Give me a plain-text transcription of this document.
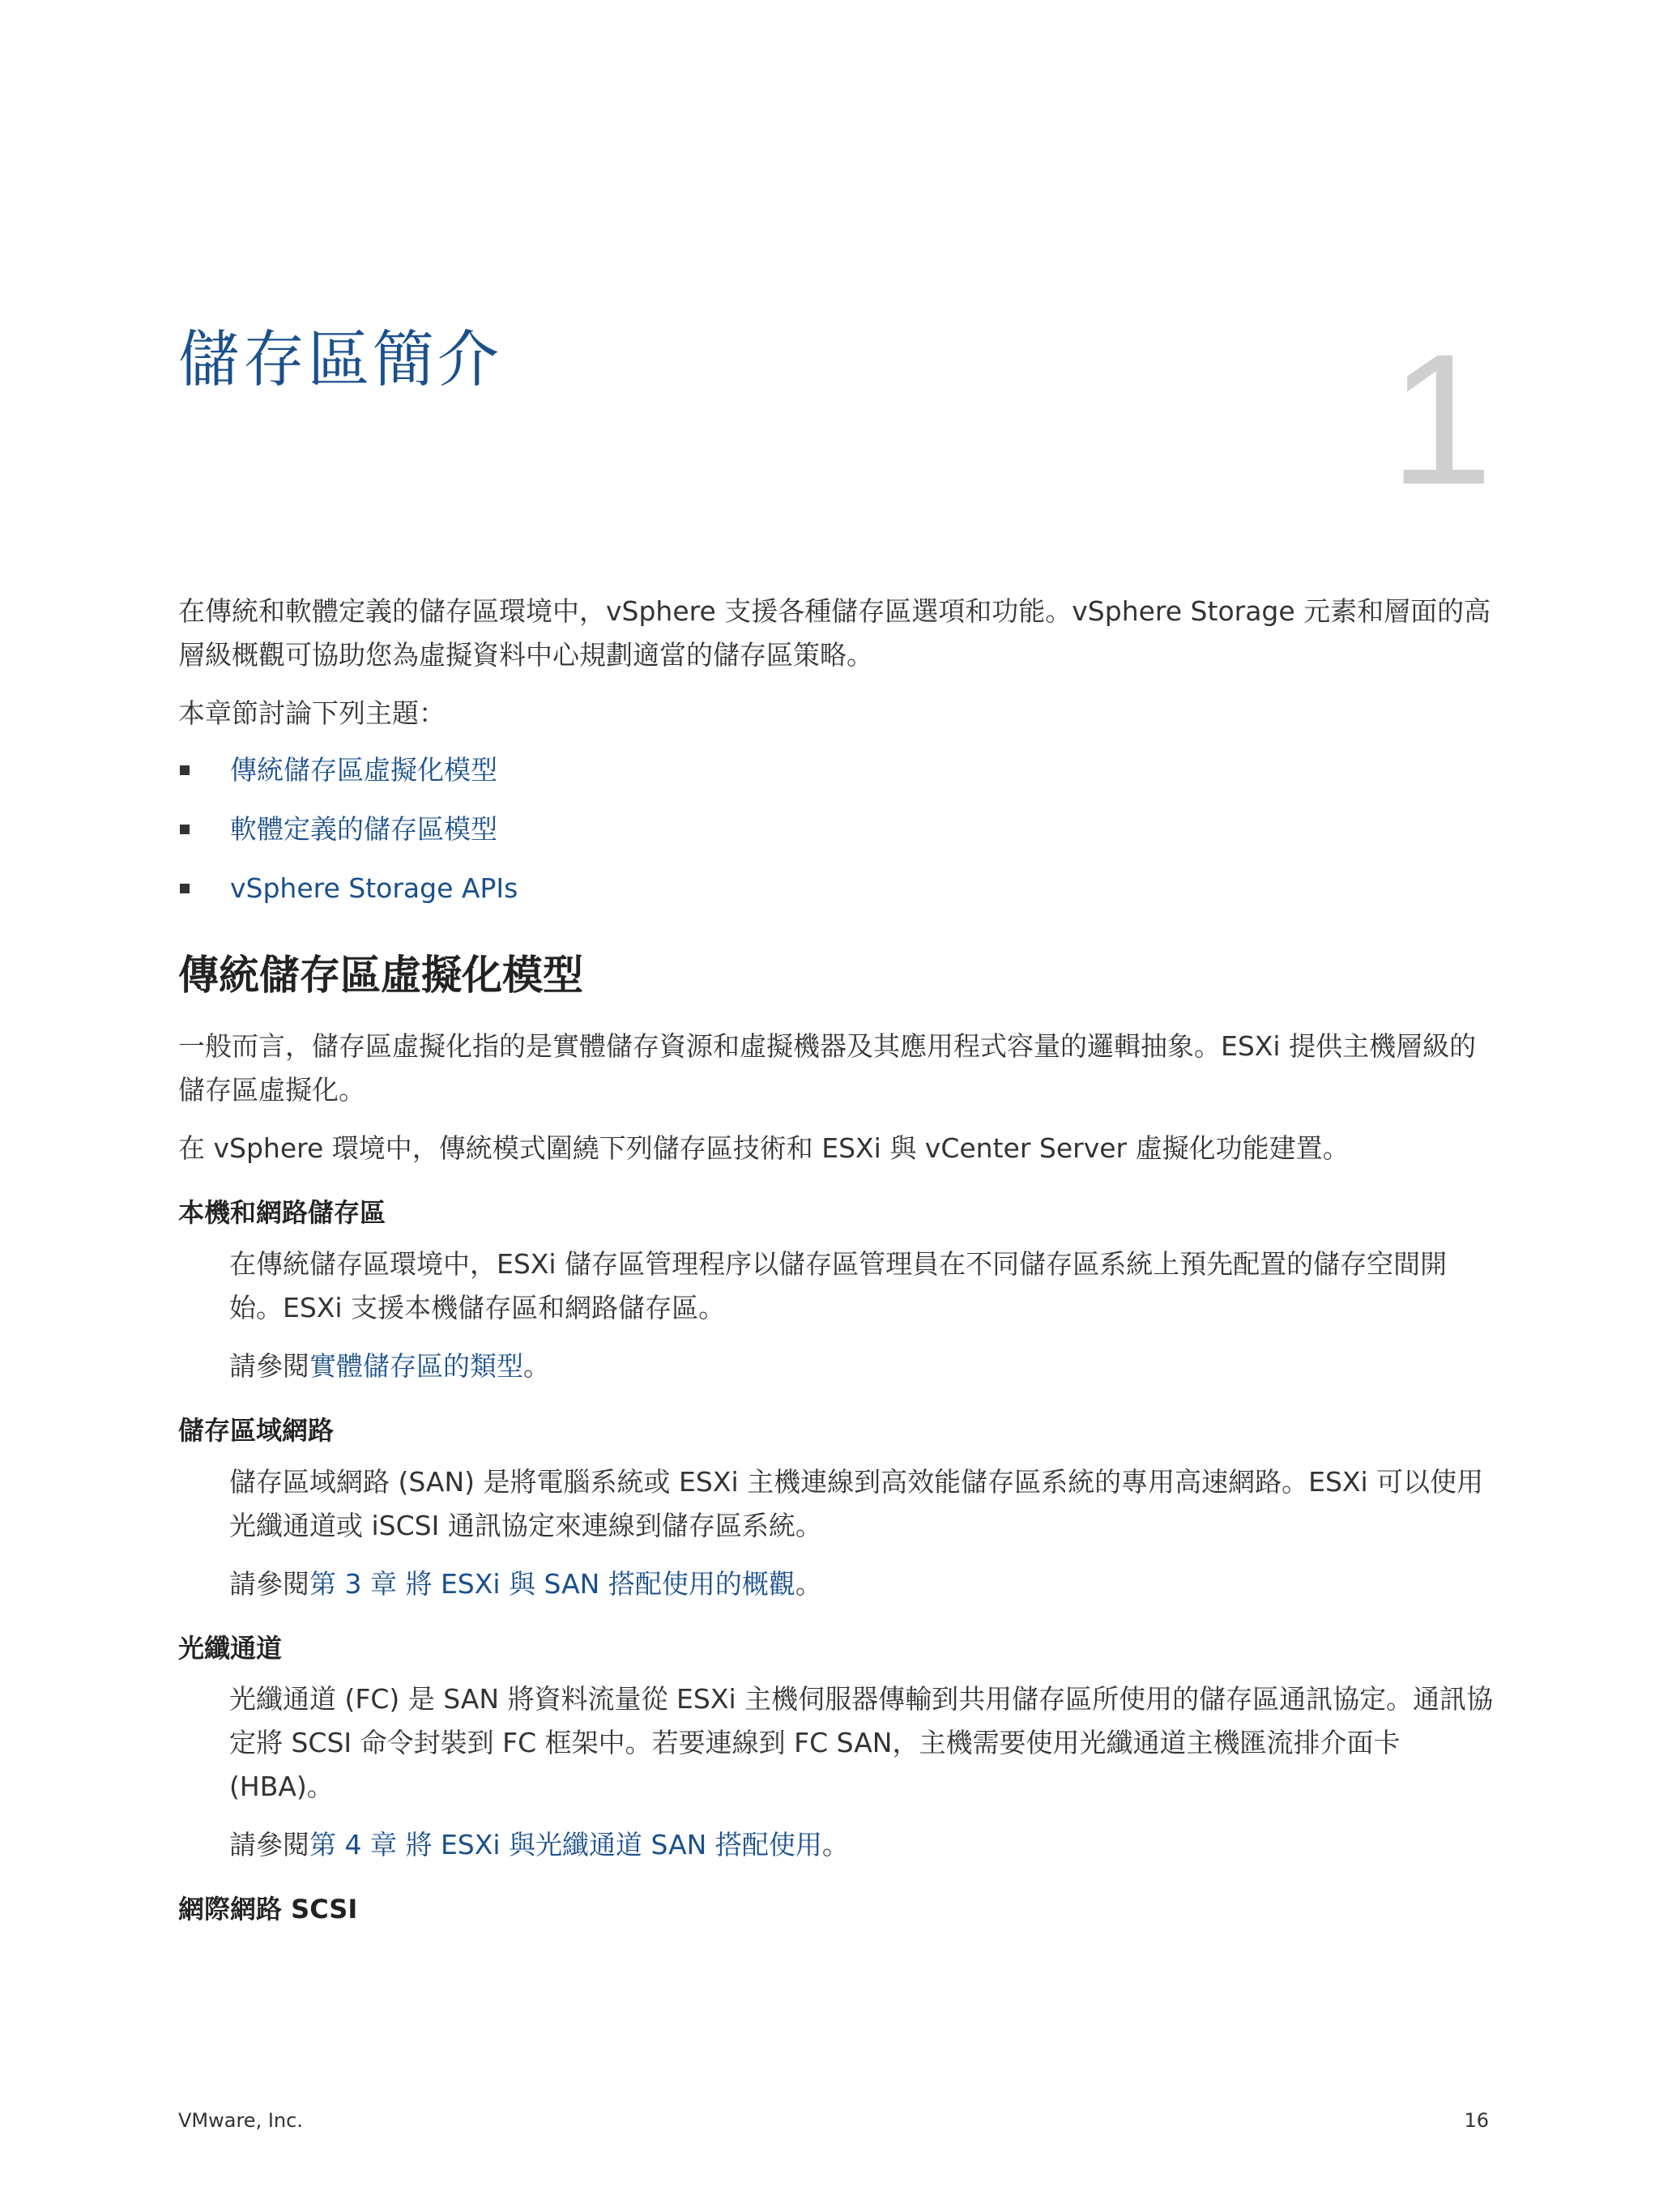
儲存區簡介	1

在傳統和軟體定義的儲存區環境中，vSphere 支援各種儲存區選項和功能。vSphere Storage 元素和層面的高層級概觀可協助您為虛擬資料中心規劃適當的儲存區策略。

本章節討論下列主題：

傳統儲存區虛擬化模型
軟體定義的儲存區模型
vSphere Storage APIs
傳統儲存區虛擬化模型

一般而言，儲存區虛擬化指的是實體儲存資源和虛擬機器及其應用程式容量的邏輯抽象。ESXi 提供主機層級的儲存區虛擬化。

在 vSphere 環境中，傳統模式圍繞下列儲存區技術和 ESXi 與 vCenter Server 虛擬化功能建置。

本機和網路儲存區

在傳統儲存區環境中，ESXi 儲存區管理程序以儲存區管理員在不同儲存區系統上預先配置的儲存空間開始。ESXi 支援本機儲存區和網路儲存區。

請參閱實體儲存區的類型。

儲存區域網路

儲存區域網路 (SAN) 是將電腦系統或 ESXi 主機連線到高效能儲存區系統的專用高速網路。ESXi 可以使用光纖通道或 iSCSI 通訊協定來連線到儲存區系統。

請參閱第 3 章 將 ESXi 與 SAN 搭配使用的概觀。

光纖通道

光纖通道 (FC) 是 SAN 將資料流量從 ESXi 主機伺服器傳輸到共用儲存區所使用的儲存區通訊協定。通訊協定將 SCSI 命令封裝到 FC 框架中。若要連線到 FC SAN，主機需要使用光纖通道主機匯流排介面卡 (HBA)。

請參閱第 4 章 將 ESXi 與光纖通道 SAN 搭配使用。

網際網路 SCSI
VMware, Inc.	16
